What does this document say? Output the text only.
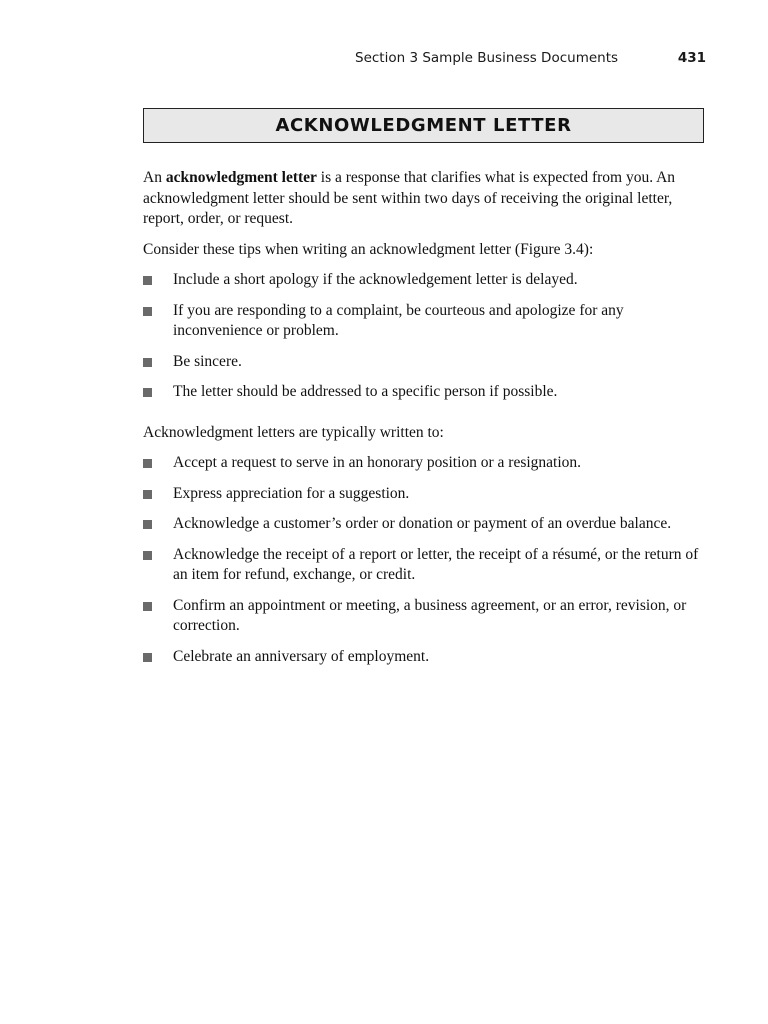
Section 3 Sample Business Documents	431
ACKNOWLEDGMENT LETTER

An acknowledgment letter is a response that clarifies what is expected from you. An acknowledgment letter should be sent within two days of receiving the original letter, report, order, or request.

Consider these tips when writing an acknowledgment letter (Figure 3.4):

Include a short apology if the acknowledgement letter is delayed.
If you are responding to a complaint, be courteous and apologize for any inconvenience or problem.
Be sincere.
The letter should be addressed to a specific person if possible.

Acknowledgment letters are typically written to:

Accept a request to serve in an honorary position or a resignation.
Express appreciation for a suggestion.
Acknowledge a customer’s order or donation or payment of an overdue balance.
Acknowledge the receipt of a report or letter, the receipt of a résumé, or the return of an item for refund, exchange, or credit.
Confirm an appointment or meeting, a business agreement, or an error, revision, or correction.
Celebrate an anniversary of employment.
